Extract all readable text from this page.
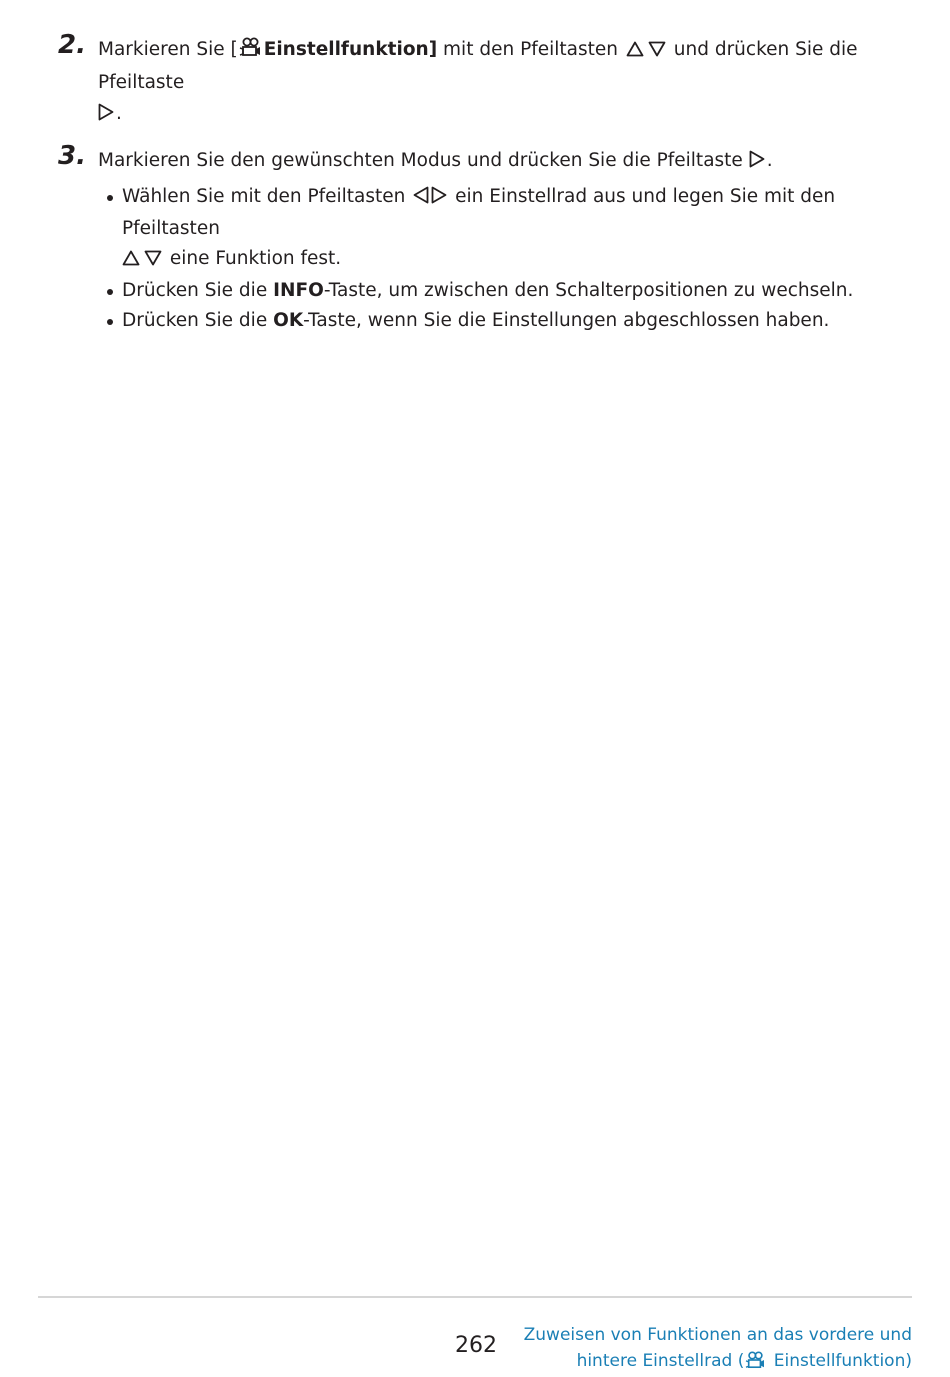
2. Markieren Sie [ Einstellfunktion] mit den Pfeiltasten	und drücken Sie die Pfeiltaste
.
3. Markieren Sie den gewünschten Modus und drücken Sie die Pfeiltaste .
Wählen Sie mit den Pfeiltasten  ein Einstellrad aus und legen Sie mit den Pfeiltasten
eine Funktion fest.
Drücken Sie die INFO-Taste, um zwischen den Schalterpositionen zu wechseln.
Drücken Sie die OK-Taste, wenn Sie die Einstellungen abgeschlossen haben.
262	Zuweisen von Funktionen an das vordere und
hintere Einstellrad ( Einstellfunktion)
